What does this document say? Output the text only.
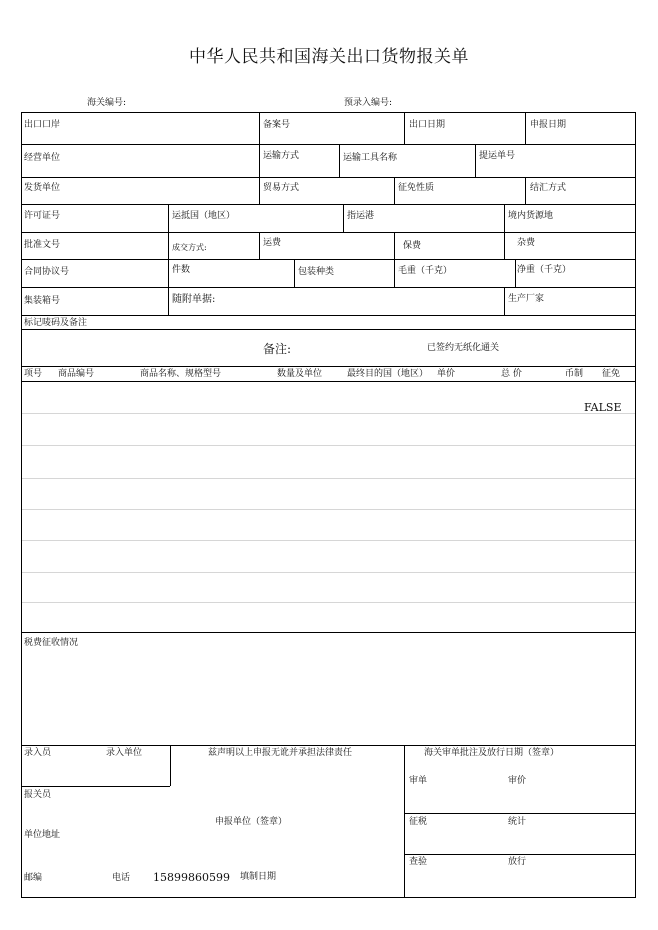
中华人民共和国海关出口货物报关单
海关编号:	预录入编号:
出口口岸	备案号	出口日期	申报日期
经营单位	运输方式	运输工具名称	提运单号
发货单位	贸易方式	征免性质	结汇方式
许可证号	运抵国（地区）	指运港	境内货源地
批准文号	成交方式:	运费	保费	杂费
合同协议号	件数	包装种类	毛重（千克）	净重（千克）
集装箱号	随附单据:	生产厂家
标记唛码及备注
备注:	已签约无纸化通关
项号 商品编号	商品名称、规格型号	数量及单位	最终目的国（地区） 单价	总 价	币制 征免
FALSE
税费征收情况
录入员	录入单位	兹声明以上申报无讹并承担法律责任	海关审单批注及放行日期（签章）
报关员
审单	审价
申报单位（签章）	征税	统计
单位地址
查验	放行
邮编	电话 15899860599 填制日期
